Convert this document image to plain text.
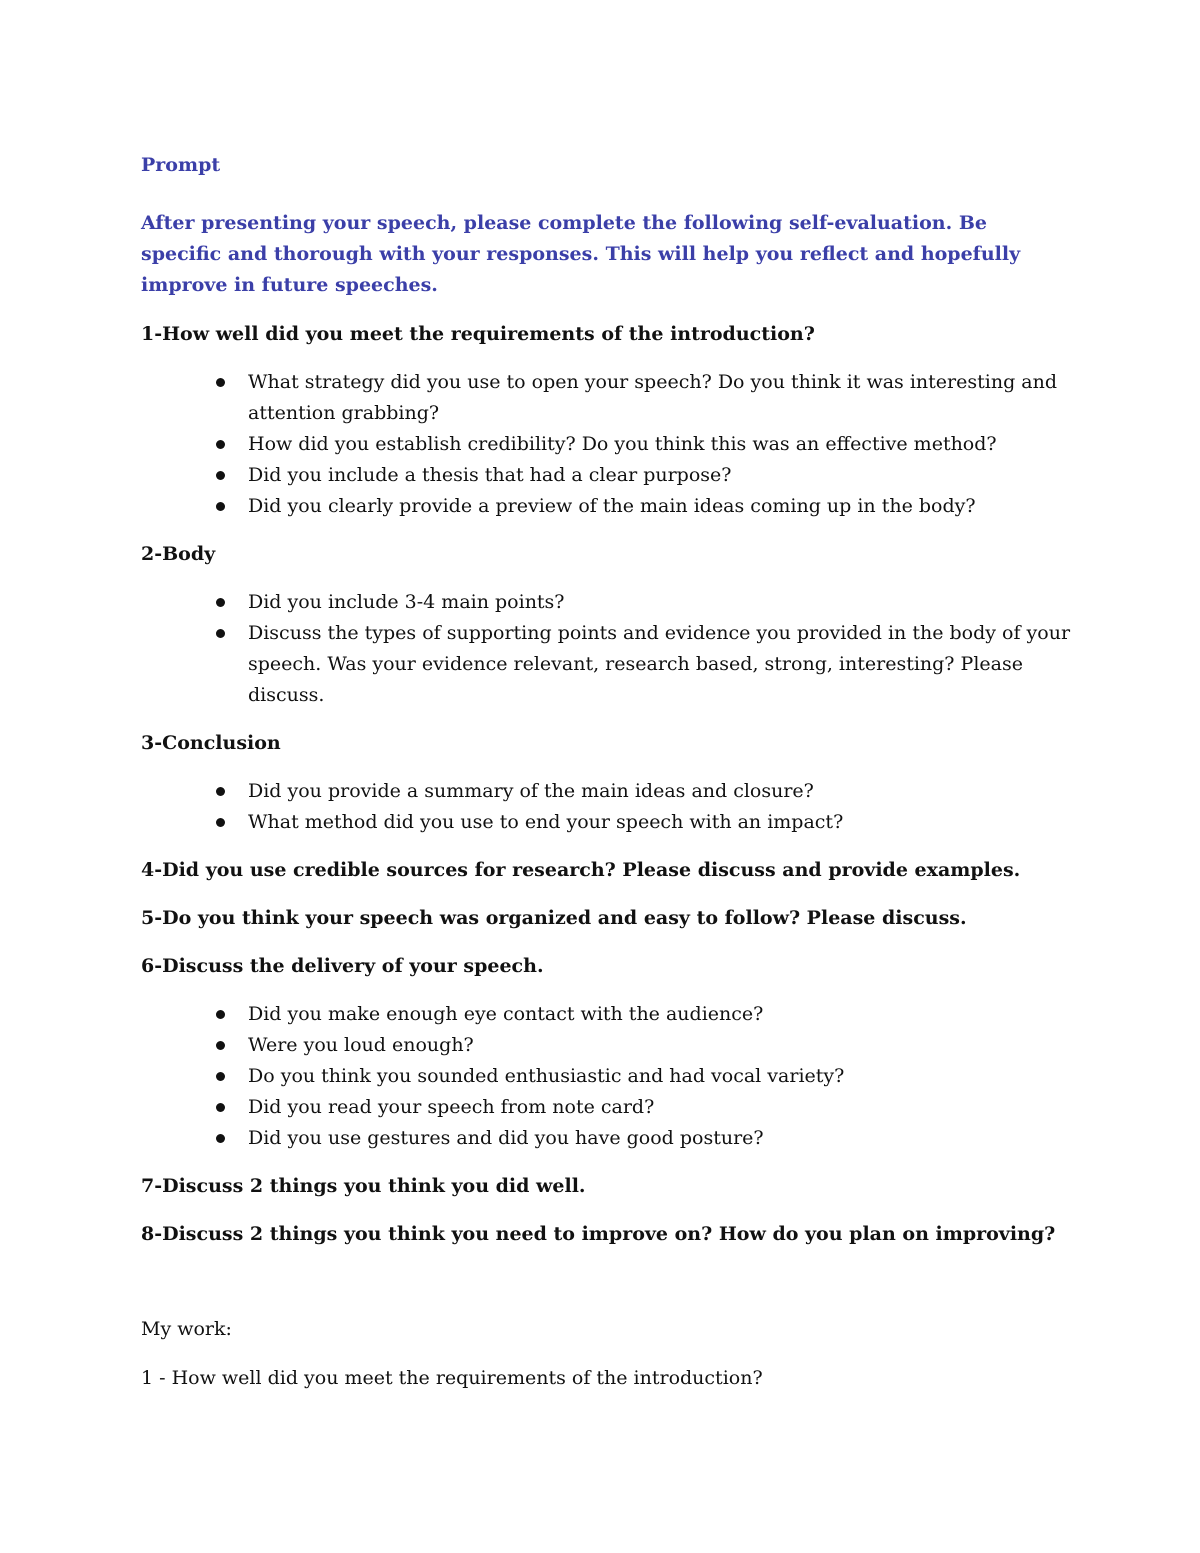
Prompt

After presenting your speech, please complete the following self-evaluation. Be specific and thorough with your responses. This will help you reflect and hopefully improve in future speeches.

1-How well did you meet the requirements of the introduction?

What strategy did you use to open your speech? Do you think it was interesting and attention grabbing?
How did you establish credibility? Do you think this was an effective method?
Did you include a thesis that had a clear purpose?
Did you clearly provide a preview of the main ideas coming up in the body?

2-Body

Did you include 3-4 main points?
Discuss the types of supporting points and evidence you provided in the body of your speech. Was your evidence relevant, research based, strong, interesting? Please discuss.

3-Conclusion

Did you provide a summary of the main ideas and closure?
What method did you use to end your speech with an impact?

4-Did you use credible sources for research? Please discuss and provide examples.

5-Do you think your speech was organized and easy to follow? Please discuss.

6-Discuss the delivery of your speech.

Did you make enough eye contact with the audience?
Were you loud enough?
Do you think you sounded enthusiastic and had vocal variety?
Did you read your speech from note card?
Did you use gestures and did you have good posture?

7-Discuss 2 things you think you did well.

8-Discuss 2 things you think you need to improve on? How do you plan on improving?

My work:

1 - How well did you meet the requirements of the introduction?
